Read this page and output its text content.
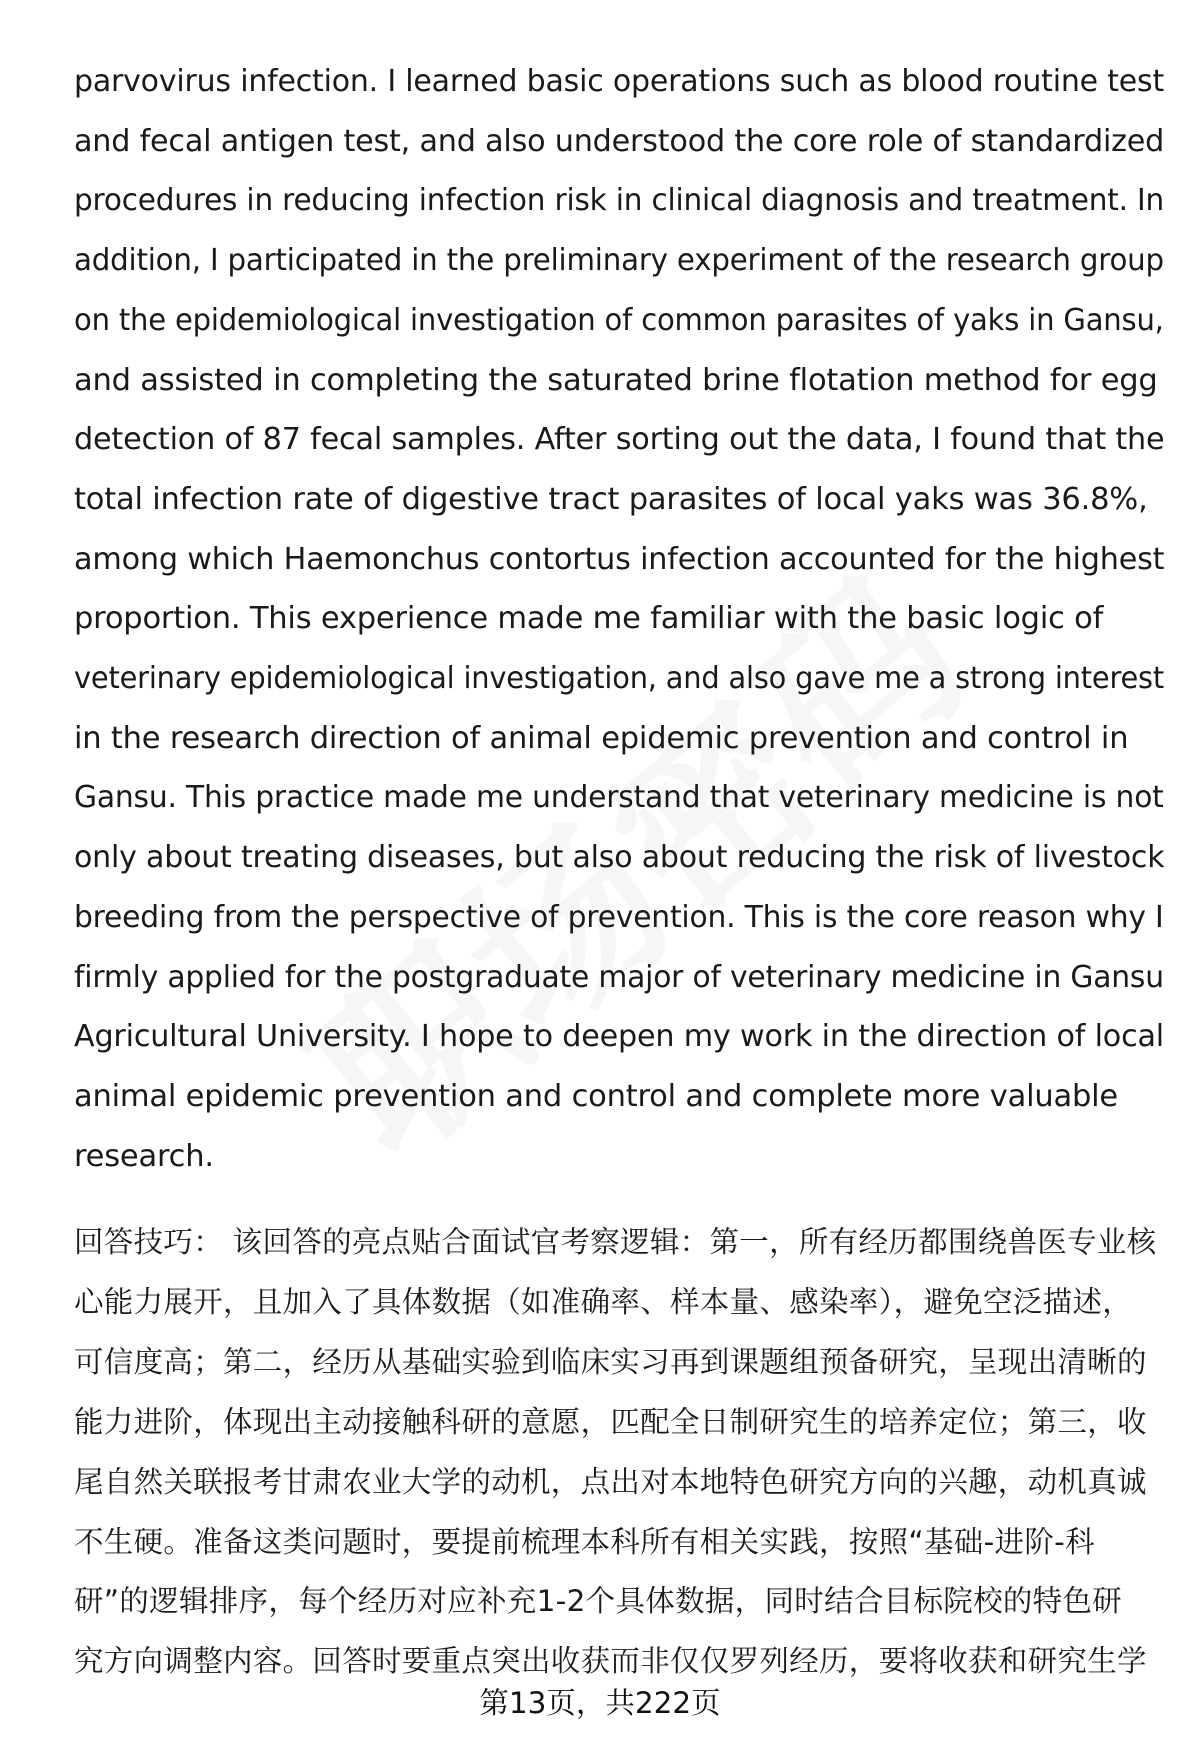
parvovirus infection. I learned basic operations such as blood routine test and fecal antigen test, and also understood the core role of standardized procedures in reducing infection risk in clinical diagnosis and treatment. In addition, I participated in the preliminary experiment of the research group on the epidemiological investigation of common parasites of yaks in Gansu,
and assisted in completing the saturated brine flotation method for egg
detection of 87 fecal samples. After sorting out the data, I found that the
total infection rate of digestive tract parasites of local yaks was 36.8%,
among which Haemonchus contortus infection accounted for the highest
proportion. This experience made me familiar with the basic logic of
veterinary epidemiological investigation, and also gave me a strong interest
in the research direction of animal epidemic prevention and control in
Gansu. This practice made me understand that veterinary medicine is not only about treating diseases, but also about reducing the risk of livestock breeding from the perspective of prevention. This is the core reason why I firmly applied for the postgraduate major of veterinary medicine in Gansu Agricultural University. I hope to deepen my work in the direction of local
animal epidemic prevention and control and complete more valuable
research.

回答技巧： 该回答的亮点贴合面试官考察逻辑：第一，所有经历都围绕兽医专业核
心能力展开，且加入了具体数据（如准确率、样本量、感染率），避免空泛描述，
可信度高；第二，经历从基础实验到临床实习再到课题组预备研究，呈现出清晰的
能力进阶，体现出主动接触科研的意愿，匹配全日制研究生的培养定位；第三，收
尾自然关联报考甘肃农业大学的动机，点出对本地特色研究方向的兴趣，动机真诚
不生硬。准备这类问题时，要提前梳理本科所有相关实践，按照“基础-进阶-科
研”的逻辑排序，每个经历对应补充1-2个具体数据，同时结合目标院校的特色研
究方向调整内容。回答时要重点突出收获而非仅仅罗列经历，要将收获和研究生学

第13页，共222页
